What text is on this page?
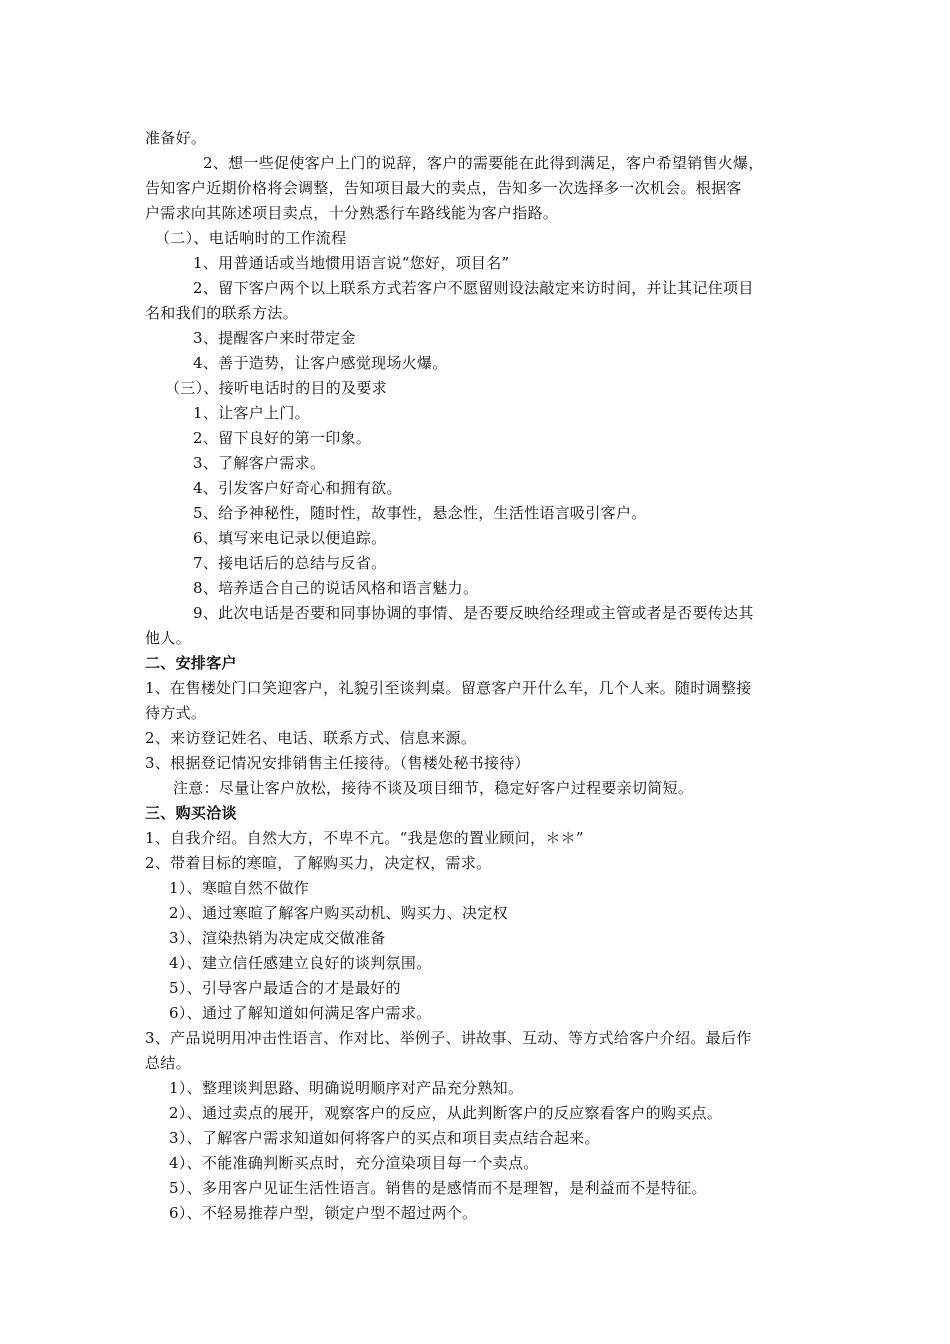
准备好。
2、想一些促使客户上门的说辞，客户的需要能在此得到满足，客户希望销售火爆，
告知客户近期价格将会调整，告知项目最大的卖点，告知多一次选择多一次机会。根据客
户需求向其陈述项目卖点，十分熟悉行车路线能为客户指路。
（二）、电话响时的工作流程
1、用普通话或当地惯用语言说“您好，项目名”
2、留下客户两个以上联系方式若客户不愿留则设法敲定来访时间，并让其记住项目
名和我们的联系方法。
3、提醒客户来时带定金
4、善于造势，让客户感觉现场火爆。
（三）、接听电话时的目的及要求
1、让客户上门。
2、留下良好的第一印象。
3、了解客户需求。
4、引发客户好奇心和拥有欲。
5、给予神秘性，随时性，故事性，悬念性，生活性语言吸引客户。
6、填写来电记录以便追踪。
7、接电话后的总结与反省。
8、培养适合自己的说话风格和语言魅力。
9、此次电话是否要和同事协调的事情、是否要反映给经理或主管或者是否要传达其
他人。
二、安排客户
1、在售楼处门口笑迎客户，礼貌引至谈判桌。留意客户开什么车，几个人来。随时调整接
待方式。
2、来访登记姓名、电话、联系方式、信息来源。
3、根据登记情况安排销售主任接待。（售楼处秘书接待）
注意：尽量让客户放松，接待不谈及项目细节，稳定好客户过程要亲切简短。
三、购买洽谈
1、自我介绍。自然大方，不卑不亢。“我是您的置业顾问，＊＊”
2、带着目标的寒暄，了解购买力，决定权，需求。
1）、寒暄自然不做作
2）、通过寒暄了解客户购买动机、购买力、决定权
3）、渲染热销为决定成交做准备
4）、建立信任感建立良好的谈判氛围。
5）、引导客户最适合的才是最好的
6）、通过了解知道如何满足客户需求。
3、产品说明用冲击性语言、作对比、举例子、讲故事、互动、等方式给客户介绍。最后作
总结。
1）、整理谈判思路、明确说明顺序对产品充分熟知。
2）、通过卖点的展开，观察客户的反应，从此判断客户的反应察看客户的购买点。
3）、了解客户需求知道如何将客户的买点和项目卖点结合起来。
4）、不能准确判断买点时，充分渲染项目每一个卖点。
5）、多用客户见证生活性语言。销售的是感情而不是理智，是利益而不是特征。
6）、不轻易推荐户型，锁定户型不超过两个。
